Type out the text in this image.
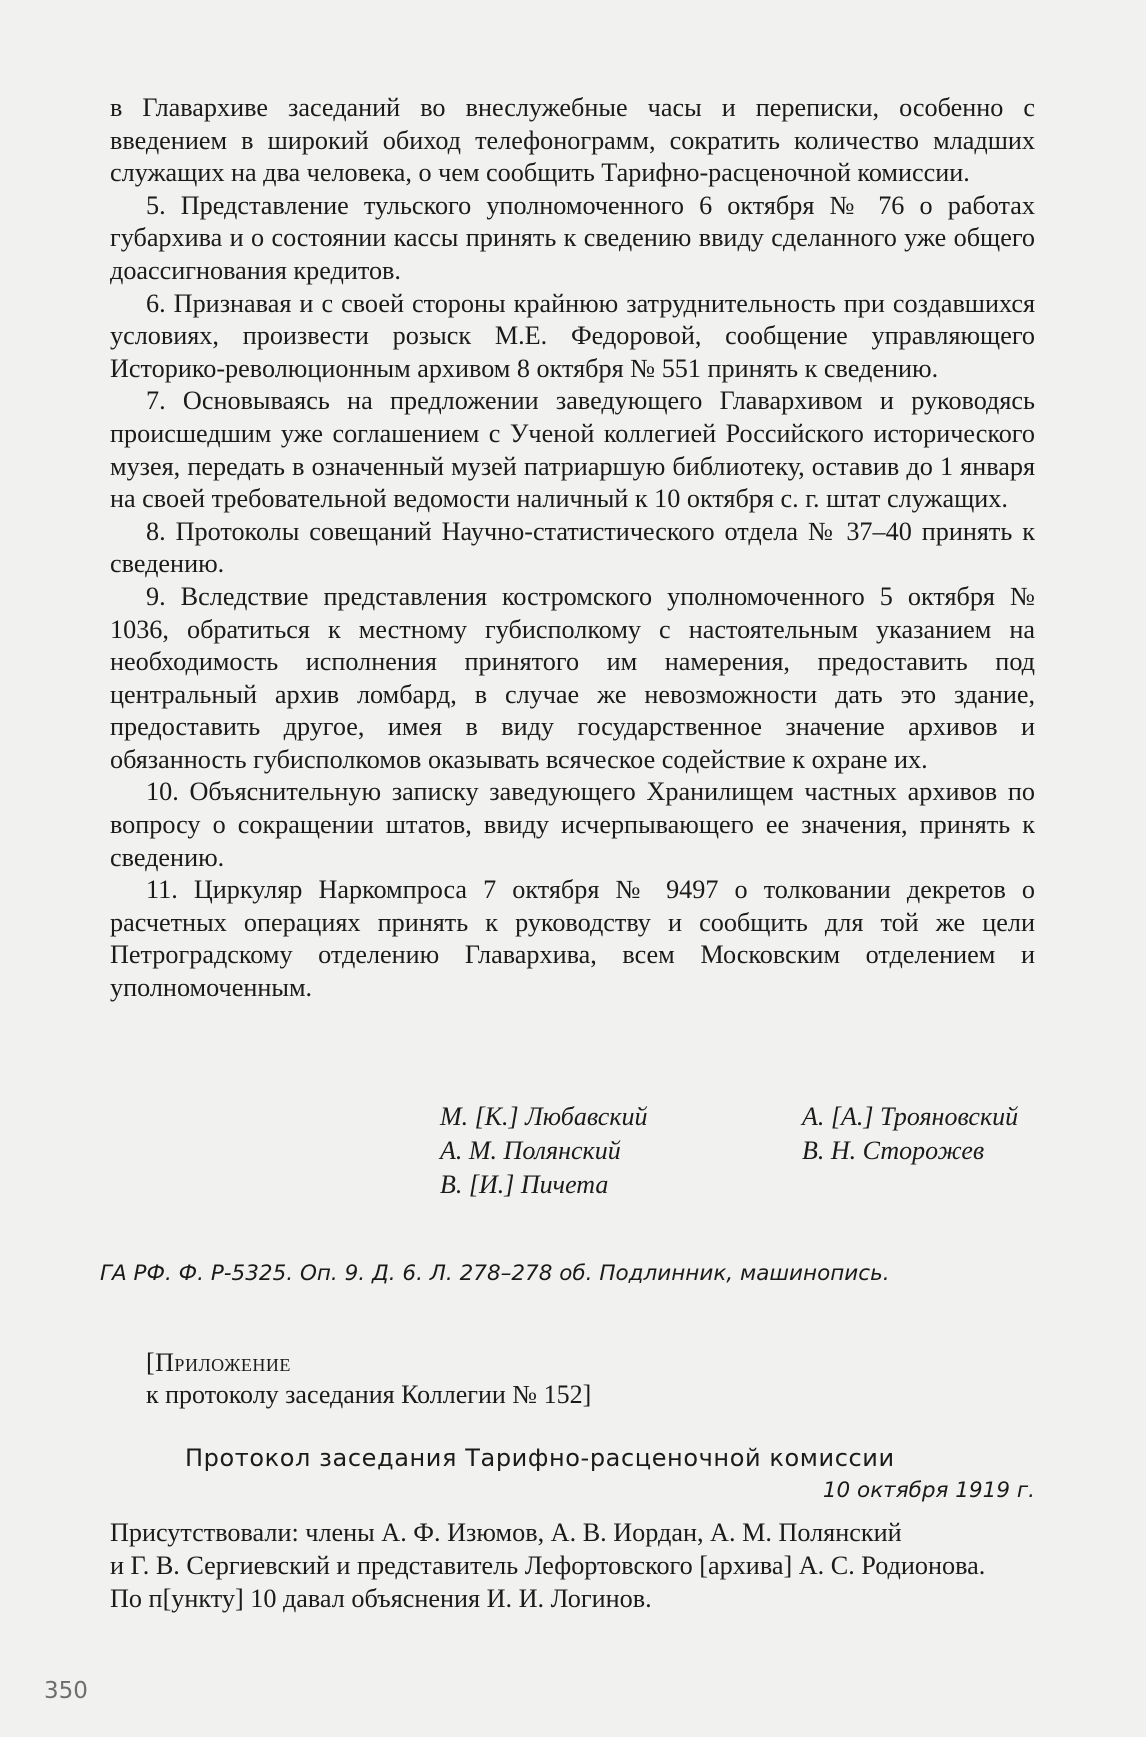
в Главархиве заседаний во внеслужебные часы и переписки, особенно с введением в широкий обиход телефонограмм, сократить количество младших служащих на два человека, о чем сообщить Тарифно-расценочной комиссии.

5. Представление тульского уполномоченного 6 октября № 76 о работах губархива и о состоянии кассы принять к сведению ввиду сделанного уже общего доассигнования кредитов.

6. Признавая и с своей стороны крайнюю затруднительность при создавшихся условиях, произвести розыск М.Е. Федоровой, сообщение управляющего Историко-революционным архивом 8 октября № 551 принять к сведению.

7. Основываясь на предложении заведующего Главархивом и руководясь происшедшим уже соглашением с Ученой коллегией Российского исторического музея, передать в означенный музей патриаршую библиотеку, оставив до 1 января на своей требовательной ведомости наличный к 10 октября с. г. штат служащих.

8. Протоколы совещаний Научно-статистического отдела № 37–40 принять к сведению.

9. Вследствие представления костромского уполномоченного 5 октября № 1036, обратиться к местному губисполкому с настоятельным указанием на необходимость исполнения принятого им намерения, предоставить под центральный архив ломбард, в случае же невозможности дать это здание, предоставить другое, имея в виду государственное значение архивов и обязанность губисполкомов оказывать всяческое содействие к охране их.

10. Объяснительную записку заведующего Хранилищем частных архивов по вопросу о сокращении штатов, ввиду исчерпывающего ее значения, принять к сведению.

11. Циркуляр Наркомпроса 7 октября № 9497 о толковании декретов о расчетных операциях принять к руководству и сообщить для той же цели Петроградскому отделению Главархива, всем Московским отделением и уполномоченным.

М. [К.] Любавский	А. [А.] Трояновский
А. М. Полянский	В. Н. Сторожев
В. [И.] Пичета
ГА РФ. Ф. Р-5325. Оп. 9. Д. 6. Л. 278–278 об. Подлинник, машинопись.
[Приложение
к протоколу заседания Коллегии № 152]
Протокол заседания Тарифно-расценочной комиссии
10 октября 1919 г.
Присутствовали: члены А. Ф. Изюмов, А. В. Иордан, А. М. Полянский
и Г. В. Сергиевский и представитель Лефортовского [архива] А. С. Родионова.
По п[ункту] 10 давал объяснения И. И. Логинов.
350
